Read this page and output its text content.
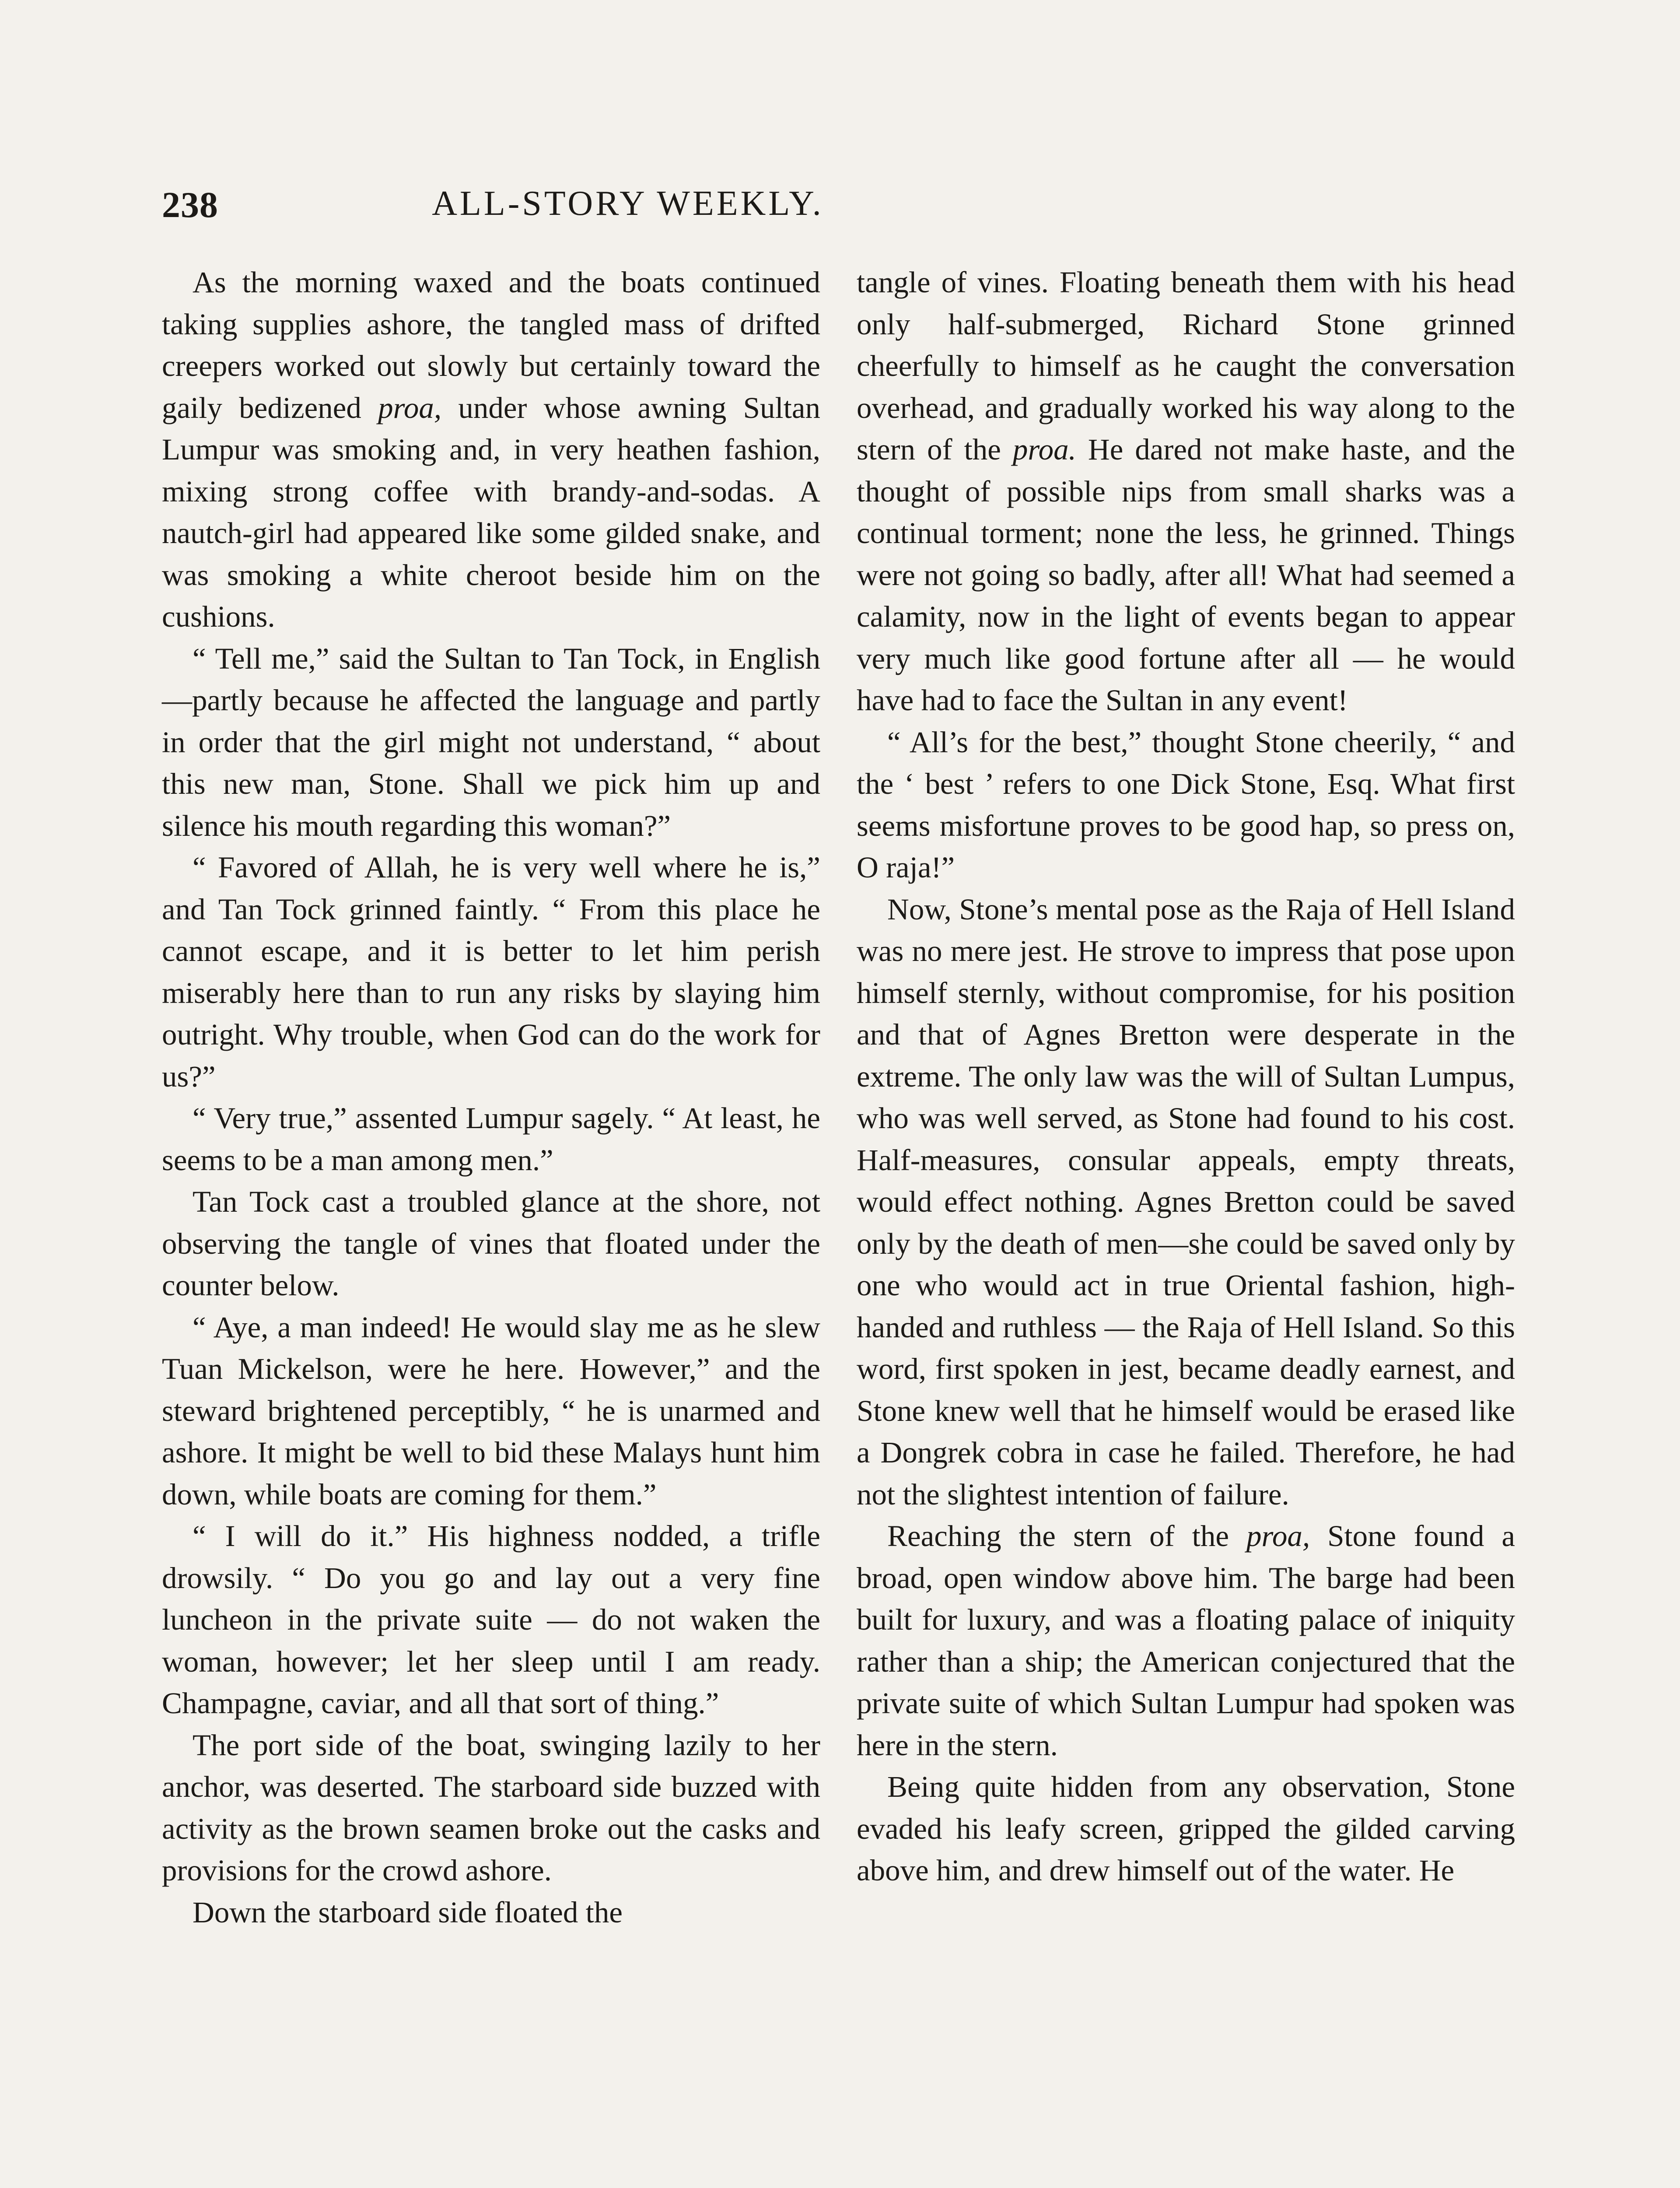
238	ALL-STORY WEEKLY.

As the morning waxed and the boats continued taking supplies ashore, the tangled mass of drifted creepers worked out slowly but certainly toward the gaily bedizened proa, under whose awning Sultan Lumpur was smoking and, in very heathen fashion, mixing strong coffee with brandy-and-sodas. A nautch-girl had appeared like some gilded snake, and was smoking a white cheroot beside him on the cushions.

“ Tell me,” said the Sultan to Tan Tock, in English—partly because he affected the language and partly in order that the girl might not understand, “ about this new man, Stone. Shall we pick him up and silence his mouth regarding this woman?”

“ Favored of Allah, he is very well where he is,” and Tan Tock grinned faintly. “ From this place he cannot escape, and it is better to let him perish miserably here than to run any risks by slaying him outright. Why trouble, when God can do the work for us?”

“ Very true,” assented Lumpur sagely. “ At least, he seems to be a man among men.”

Tan Tock cast a troubled glance at the shore, not observing the tangle of vines that floated under the counter below.

“ Aye, a man indeed! He would slay me as he slew Tuan Mickelson, were he here. However,” and the steward brightened perceptibly, “ he is unarmed and ashore. It might be well to bid these Malays hunt him down, while boats are coming for them.”

“ I will do it.” His highness nodded, a trifle drowsily. “ Do you go and lay out a very fine luncheon in the private suite — do not waken the woman, however; let her sleep until I am ready. Champagne, caviar, and all that sort of thing.”

The port side of the boat, swinging lazily to her anchor, was deserted. The starboard side buzzed with activity as the brown seamen broke out the casks and provisions for the crowd ashore.

Down the starboard side floated the

tangle of vines. Floating beneath them with his head only half-submerged, Richard Stone grinned cheerfully to himself as he caught the conversation overhead, and gradually worked his way along to the stern of the proa. He dared not make haste, and the thought of possible nips from small sharks was a continual torment; none the less, he grinned. Things were not going so badly, after all! What had seemed a calamity, now in the light of events began to appear very much like good fortune after all — he would have had to face the Sultan in any event!

“ All’s for the best,” thought Stone cheerily, “ and the ‘ best ’ refers to one Dick Stone, Esq. What first seems misfortune proves to be good hap, so press on, O raja!”

Now, Stone’s mental pose as the Raja of Hell Island was no mere jest. He strove to impress that pose upon himself sternly, without compromise, for his position and that of Agnes Bretton were desperate in the extreme. The only law was the will of Sultan Lumpus, who was well served, as Stone had found to his cost. Half-measures, consular appeals, empty threats, would effect nothing. Agnes Bretton could be saved only by the death of men—she could be saved only by one who would act in true Oriental fashion, high-handed and ruthless — the Raja of Hell Island. So this word, first spoken in jest, became deadly earnest, and Stone knew well that he himself would be erased like a Dongrek cobra in case he failed. Therefore, he had not the slightest intention of failure.

Reaching the stern of the proa, Stone found a broad, open window above him. The barge had been built for luxury, and was a floating palace of iniquity rather than a ship; the American conjectured that the private suite of which Sultan Lumpur had spoken was here in the stern.

Being quite hidden from any observation, Stone evaded his leafy screen, gripped the gilded carving above him, and drew himself out of the water. He
